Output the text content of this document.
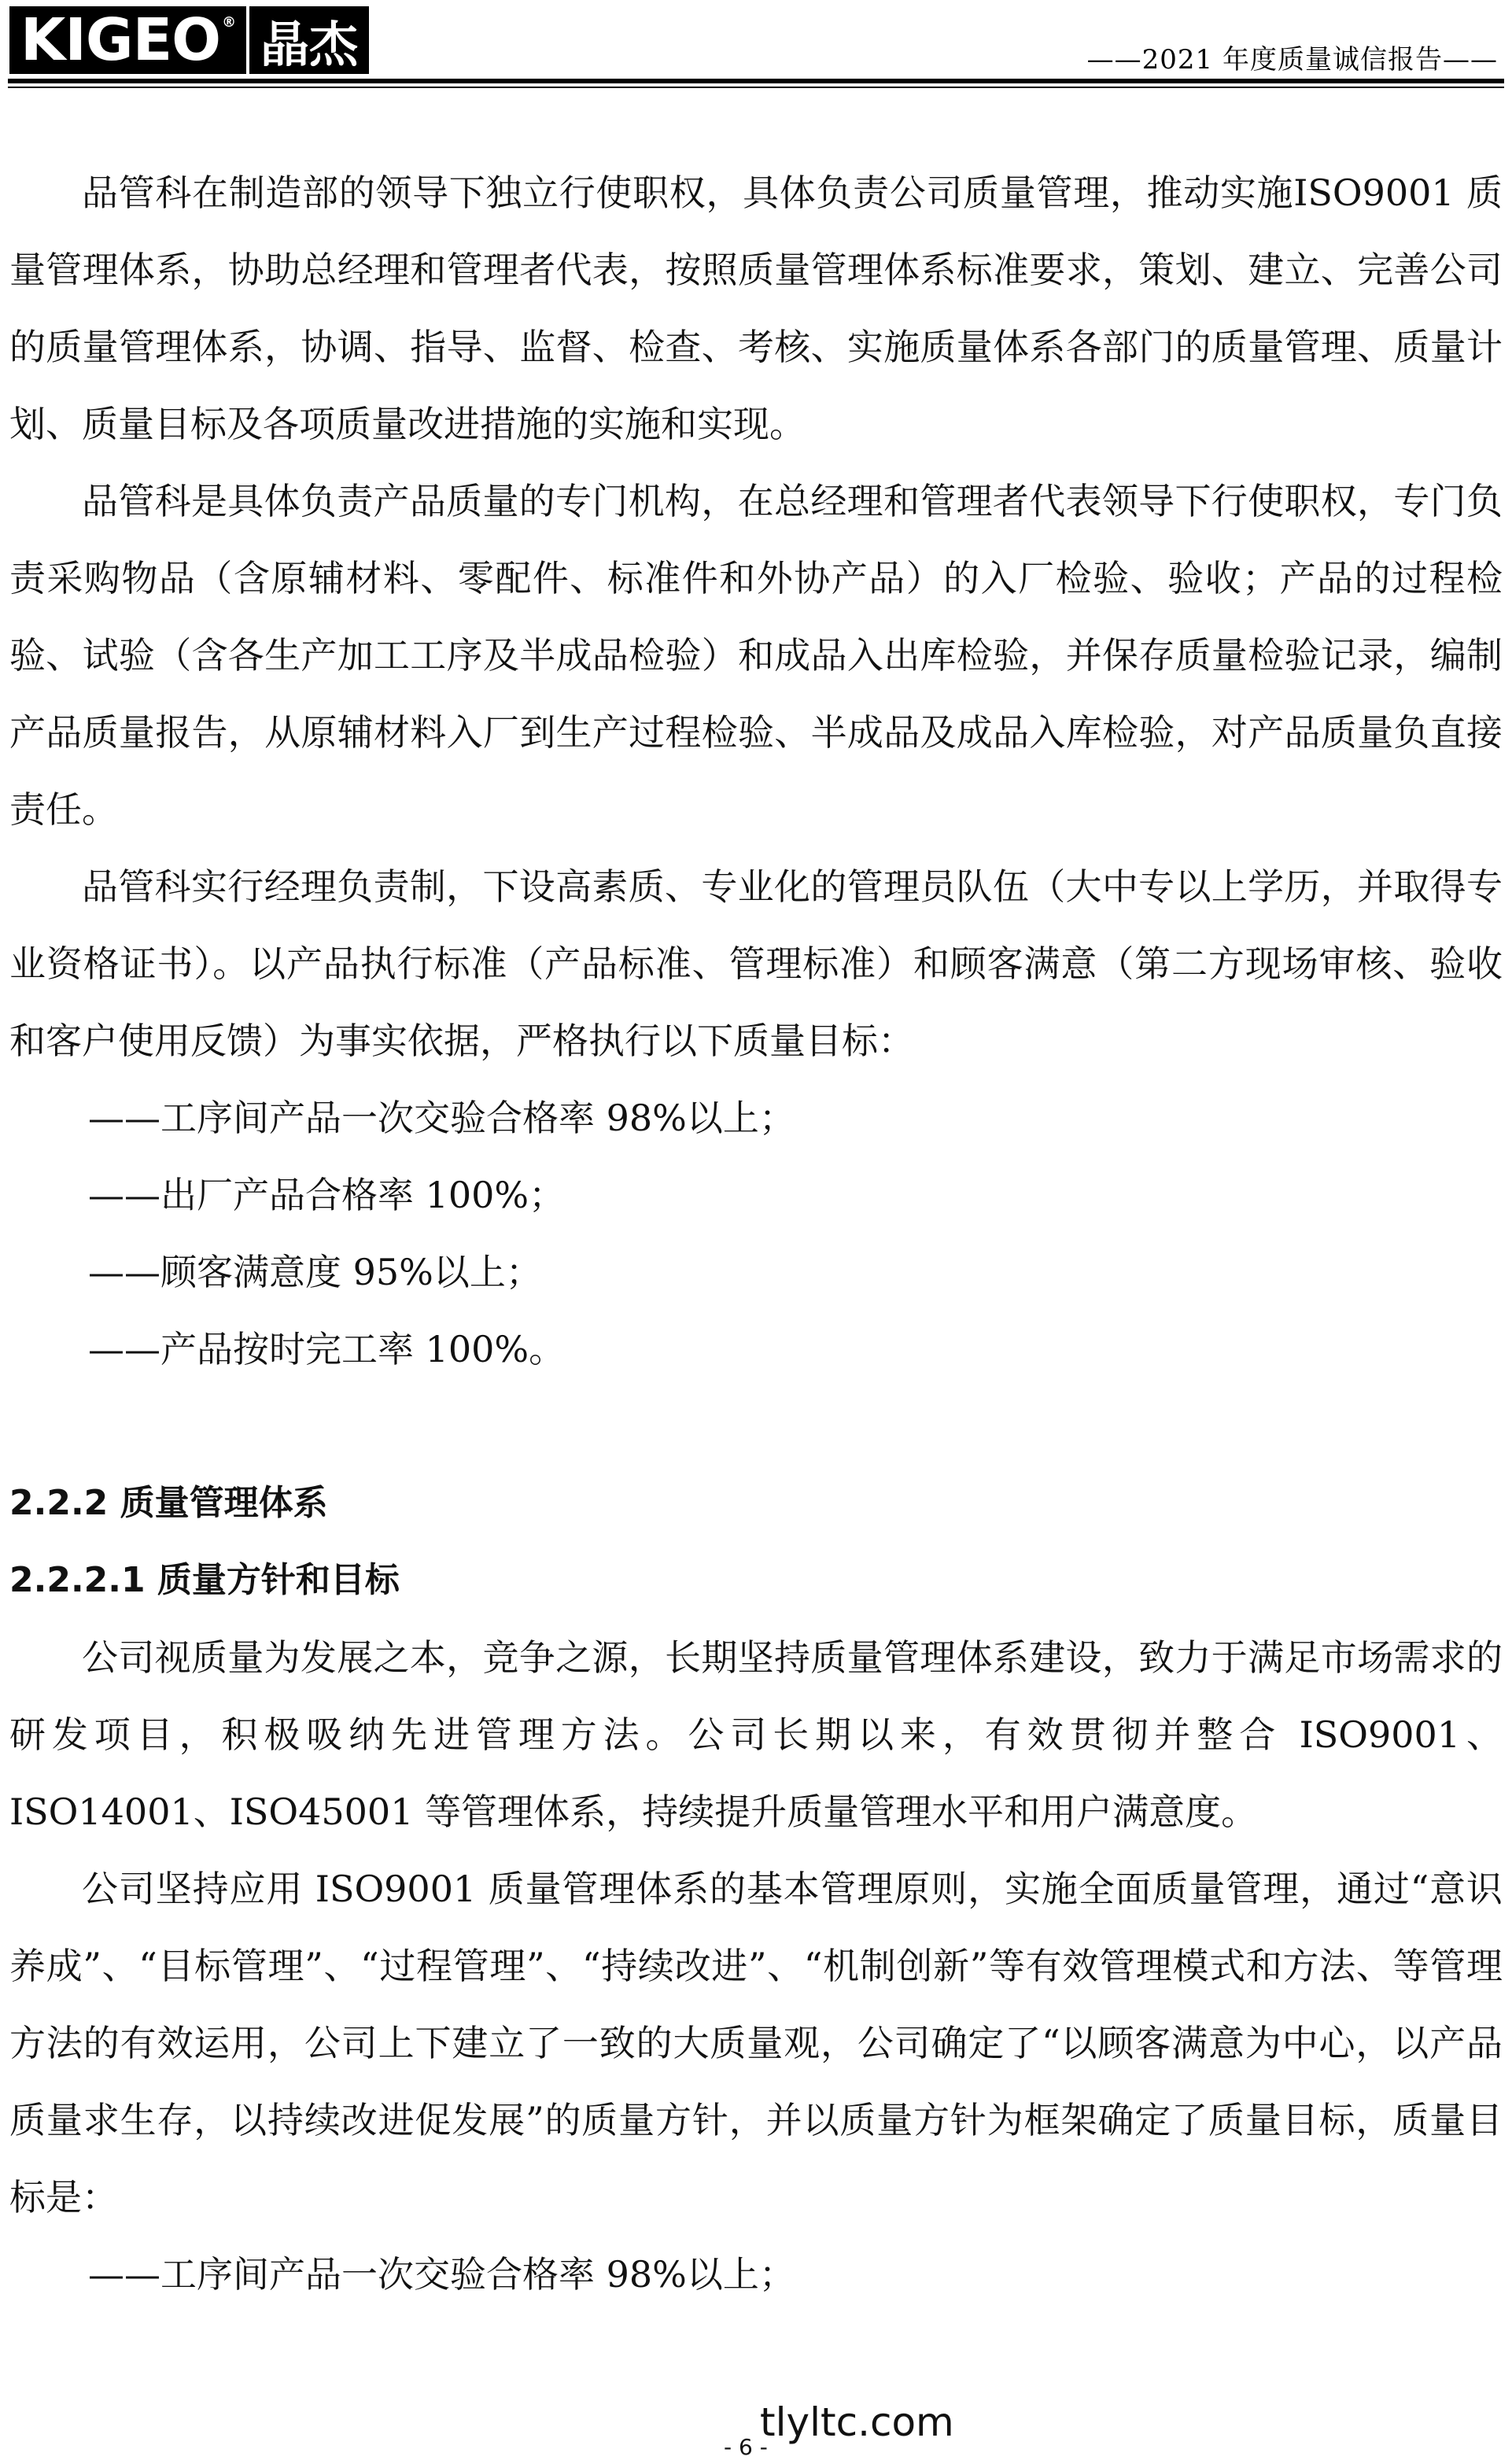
KIGEO ® 晶杰	——2021 年度质量诚信报告——

品管科在制造部的领导下独立行使职权，具体负责公司质量管理，推动实施ISO9001 质量管理体系，协助总经理和管理者代表，按照质量管理体系标准要求，策划、建立、完善公司的质量管理体系，协调、指导、监督、检查、考核、实施质量体系各部门的质量管理、质量计划、质量目标及各项质量改进措施的实施和实现。

品管科是具体负责产品质量的专门机构，在总经理和管理者代表领导下行使职权，专门负责采购物品（含原辅材料、零配件、标准件和外协产品）的入厂检验、验收；产品的过程检验、试验（含各生产加工工序及半成品检验）和成品入出库检验，并保存质量检验记录，编制产品质量报告，从原辅材料入厂到生产过程检验、半成品及成品入库检验，对产品质量负直接责任。

品管科实行经理负责制，下设高素质、专业化的管理员队伍（大中专以上学历，并取得专业资格证书）。以产品执行标准（产品标准、管理标准）和顾客满意（第二方现场审核、验收和客户使用反馈）为事实依据，严格执行以下质量目标：

——工序间产品一次交验合格率 98%以上；

——出厂产品合格率 100%；

——顾客满意度 95%以上；

——产品按时完工率 100%。

2.2.2 质量管理体系

2.2.2.1 质量方针和目标

公司视质量为发展之本，竞争之源，长期坚持质量管理体系建设，致力于满足市场需求的研发项目，积极吸纳先进管理方法。公司长期以来，有效贯彻并整合 ISO9001、ISO14001、ISO45001 等管理体系，持续提升质量管理水平和用户满意度。

公司坚持应用 ISO9001 质量管理体系的基本管理原则，实施全面质量管理，通过“意识养成”、“目标管理”、“过程管理”、“持续改进”、“机制创新”等有效管理模式和方法、等管理方法的有效运用，公司上下建立了一致的大质量观，公司确定了“以顾客满意为中心，以产品质量求生存，以持续改进促发展”的质量方针，并以质量方针为框架确定了质量目标，质量目标是：

——工序间产品一次交验合格率 98%以上；

tlyltc.com
- 6 -
